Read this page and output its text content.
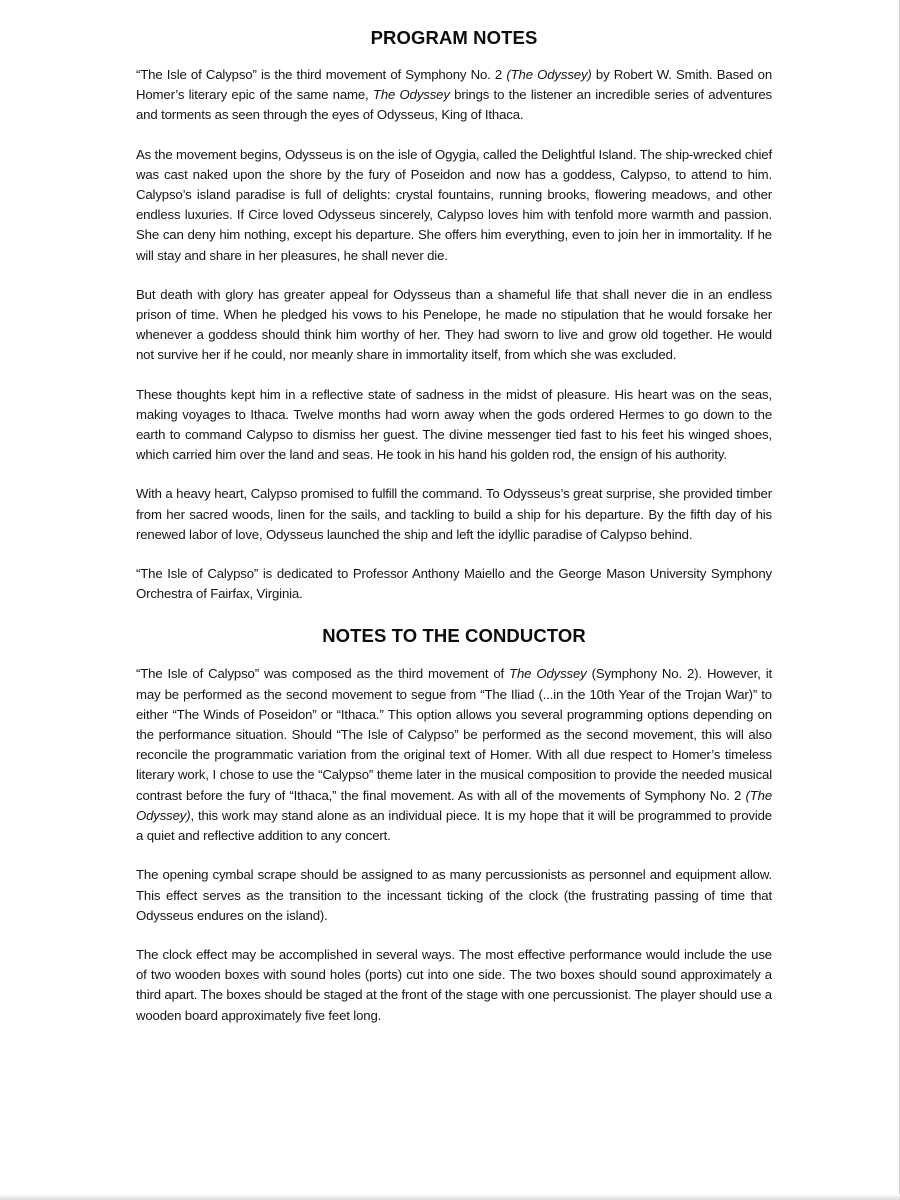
PROGRAM NOTES

“The Isle of Calypso” is the third movement of Symphony No. 2 (The Odyssey) by Robert W. Smith. Based on Homer’s literary epic of the same name, The Odyssey brings to the listener an incredible series of adventures and torments as seen through the eyes of Odysseus, King of Ithaca.

As the movement begins, Odysseus is on the isle of Ogygia, called the Delightful Island. The ship-wrecked chief was cast naked upon the shore by the fury of Poseidon and now has a goddess, Calypso, to attend to him. Calypso’s island paradise is full of delights: crystal fountains, running brooks, flowering meadows, and other endless luxuries. If Circe loved Odysseus sincerely, Calypso loves him with tenfold more warmth and passion. She can deny him nothing, except his departure. She offers him everything, even to join her in immortality. If he will stay and share in her pleasures, he shall never die.

But death with glory has greater appeal for Odysseus than a shameful life that shall never die in an endless prison of time. When he pledged his vows to his Penelope, he made no stipulation that he would forsake her whenever a goddess should think him worthy of her. They had sworn to live and grow old together. He would not survive her if he could, nor meanly share in immortality itself, from which she was excluded.

These thoughts kept him in a reflective state of sadness in the midst of pleasure. His heart was on the seas, making voyages to Ithaca. Twelve months had worn away when the gods ordered Hermes to go down to the earth to command Calypso to dismiss her guest. The divine messenger tied fast to his feet his winged shoes, which carried him over the land and seas. He took in his hand his golden rod, the ensign of his authority.

With a heavy heart, Calypso promised to fulfill the command. To Odysseus’s great surprise, she provided timber from her sacred woods, linen for the sails, and tackling to build a ship for his departure. By the fifth day of his renewed labor of love, Odysseus launched the ship and left the idyllic paradise of Calypso behind.

“The Isle of Calypso” is dedicated to Professor Anthony Maiello and the George Mason University Symphony Orchestra of Fairfax, Virginia.

NOTES TO THE CONDUCTOR

“The Isle of Calypso” was composed as the third movement of The Odyssey (Symphony No. 2). However, it may be performed as the second movement to segue from “The Iliad (...in the 10th Year of the Trojan War)” to either “The Winds of Poseidon” or “Ithaca.” This option allows you several programming options depending on the performance situation. Should “The Isle of Calypso” be performed as the second movement, this will also reconcile the programmatic variation from the original text of Homer. With all due respect to Homer’s timeless literary work, I chose to use the “Calypso” theme later in the musical composition to provide the needed musical contrast before the fury of “Ithaca,” the final movement. As with all of the movements of Symphony No. 2 (The Odyssey), this work may stand alone as an individual piece. It is my hope that it will be programmed to provide a quiet and reflective addition to any concert.

The opening cymbal scrape should be assigned to as many percussionists as personnel and equipment allow. This effect serves as the transition to the incessant ticking of the clock (the frustrating passing of time that Odysseus endures on the island).

The clock effect may be accomplished in several ways. The most effective performance would include the use of two wooden boxes with sound holes (ports) cut into one side. The two boxes should sound approximately a third apart. The boxes should be staged at the front of the stage with one percussionist. The player should use a wooden board approximately five feet long.
